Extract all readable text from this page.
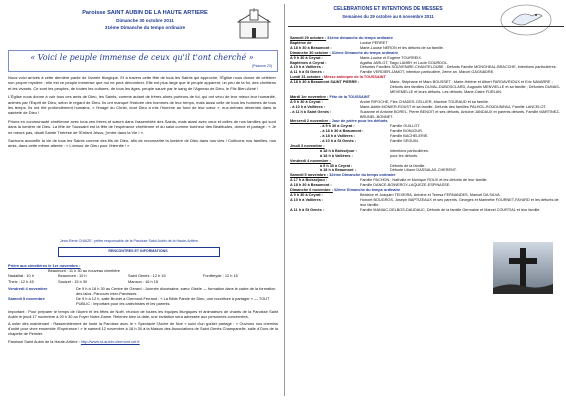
Paroisse SAINT AUBIN DE LA HAUTE ARTIERE
Dimanche 30 octobre 2011
31ème Dimanche du temps ordinaire
« Voici le peuple immense de ceux qu'il t'ont cherché »
(Psaume 23)

Nous voici arrivés à cette dernière partie de l'année liturgique. Et à travers cette fête de tous les Saints qui approche, l'Église nous donne de célébrer son propre mystère : elle est ce peuple immense que nul ne peut dénombrer. Elle est plus large que le peuple apparent, un peu de la foi, des chrétiens et les vivants. Ce sont les peuples, de toutes les cultures, de tous les âges, peuple sauvé par le sang de l'Agneau de Dieu, le Fils Bien-Aimé !

L'Église nous donne à voir tous ces amis de Dieu, les Saints, comme autant de frères aînés porteurs de foi, qui ont vécu de leur mieux leur humanité, animés par l'Esprit de Dieu, selon le regard de Dieu. Ils ont manqué l'histoire des hommes de leur temps, mais aussi celle de tous les hommes de tous les temps. Ils ont été profondément humains, « l'image du Christ, dont Dieu a mis l'homme au fond de leur cœur », eux-mêmes décernés dans la sainteté de Dieu !

Prions en communauté chrétienne avec tous ces frères et sœurs dans l'assemblée des Saints, mais aussi avec ceux et celles de nos familles qui sont dans la lumière de Dieu. La fête de Toussaint est la fête de l'espérance chrétienne et du salut comme bonheur des Béatitudes, donné et partagé : « Je ne meurs pas, disait Sainte Thérèse de l'Enfant Jésus, j'entre dans la Vie ! ».

Sachons accueillir la vie de tous les Saints comme des fils de Dieu, afin de reconnaître la lumière de Dieu dans nos vies ! Cultivons nos familles, nos amis, dans cette même attente : « L'amour de Dieu pour l'éternité ! »

Jean-René CHAIZE, prêtre responsable de la Paroisse Saint Aubin de la Haute-Artière.
RENCONTRES ET INFORMATIONS
Prière aux cimetières le 1er novembre :
Beaumont : 11 h 30 au nouveau cimetière
Nadaillat : 10 h	Beaumont : 10 h	Saint Genès : 12 h 15	Fontfreyde : 12 h 15
Theix : 12 h 45	Saulzet : 15 h 30	Manson : 16 h 15
Vendredi 4 novembre	De 9 h à 18 h 30 au Centre de Gérard : Journée diocésaine, sœur Gisèle — formation dans le cadre de la formation des laïcs. Parcours Inter-Paroisses.
Samedi 5 novembre	De 9 h à 12 h, salle Brunet à Clermont-Ferrand : « La Bible Parole de Dieu, une nourriture à partager » — TOUT PUBLIC : important pour les catéchistes et les parents.
Important : Pour préparer le temps de l'Avent et les fêtes de Noël, réunion de toutes les équipes liturgiques et animateurs de chants de la Paroisse Saint Aubin le jeudi 17 novembre à 20 h 30 au Foyer Notre-Dame. Retenez bien la date, une invitation sera adressée aux personnes concernées.
A noter dès maintenant : Rassemblement de toute la Paroisse avec le « Spectacle l'Arche de Noé » suivi d'un goûter partagé : « Ouvrons nos chemins d'unité pour vivre ensemble l'Espérance ! » le samedi 12 novembre à 18 h 30 à la Maison des Associations de Saint Genès Champanelle, salle d'Ours de la chapelle de Pensier.
Paroisse Saint Aubin de la Haute-Artière : http://www.st-aubin-clermont.cef.fr
CELEBRATIONS ET INTENTIONS DE MESSES
Semaines du 29 octobre au 6 novembre 2011
Samedi 29 octobre : 31ème dimanche du temps ordinaire
Baptême de	Louise PERRET
A 18 h 30 à Beaumont :	Marie-Louise NERON et les défunts de sa famille.
Dimanche 30 octobre : 31ème Dimanche du temps ordinaire
A 9 h 30 à Ceyrat :	Marie-Louise et Eugène TOURREIX.
Baptêmes à Ceyrat :	Agatha JARLOT, Tiago LAMBY et Lucie GOURDOL.
A 10 h à Vallières :	Défuntes Familles SOUVENIRE-CHANTELOUBE ; Défunts Famille MONGHEAL-BRACCHE, intentions particulières.
A 11 h à St Genès :	Famille VERDIER-JAMOT, intention particulière, 2ème an. Marcel GAGNADRE.
Lundi 31 octobre : Messe anticipée de la TOUSSAINT
A 18 h 30 à Beaumont SAINT PIERRE :	Marie, Stéphane et Marc BOUSSET ; Marie-Hélène et Albert FARGAVRIOUX et Eric NAVARRE ; Défunts des familles DUVAL-DUBOSCLARD, Augustin MENVIELLE et sa famille ; Défuntes DUMAS-MEVEMELLE et leurs défunts. Les défunts, Marie-Claire FURLAN.
Mardi 1er novembre : Fête de la TOUSSAINT
A 9 h 30 à Ceyrat :	André RIFOCHE, Fles CHADES-CELLIER, Maxime TOURAUD et sa famille.
- à 10 h à Vallières :	Marie-Adèle MONIER-ROUST et sa famille. Défunts des familles PALHOL-ROUDUNEAU, Famille LANCELOT.
- à 11 h à Saint Genès :	Suzanne et Antoine BOREL, Pierre BENOIT et ses défunts, Antoine JANDAUX et parents défunts, Famille MARTINEZ-BRUNEL-BONNET.
Mercredi 2 novembre : Jour de prière pour les défunts
- à 9 h 30 à Ceyrat :	Famille GUILLOT.
- à 18 h 30 à Beaumont :	Famille BONJOUR.
- à 18 h à Vallières :	Famille BACHELERIE.
- à 10 h à St Genès :	Famille SEGUIN.
Jeudi 3 novembre :
à 18 h à Boisséjour :	intentions particulières.
à 18 h à Vallières :	pour les défunts.
Vendredi 4 novembre :
à 9 h 30 à Ceyrat :	Défunts de la famille.
à 18 h à Beaumont :	Défunte Liliane DASSALAS-CHERENT.
Samedi 5 novembre : 32ème Dimanche du temps ordinaire
A 17 h à Boisséjour :	Famille PACHON ; Nathalie et Monique ROUX et les défunts de leur famille.
A 18 h 30 à Beaumont :	Famille DANCE-BOINEROY-LAQUEZE-ESPINASSE.
Dimanche 6 novembre : 32ème Dimanche du temps ordinaire
A 9 h 30 à Ceyrat :	Béatrice et Joaquim TEIXEIRA, Antoine et Teresa FERNANDES, Manuel DA SILVA.
A 10 h à Vallières :	Honoré BOUGROS, Joseph BAPTIZEAUX et ses parents, Georges et Marinette FOURNET-FAYARD et les défunts de leur famille.
A 11 h à St Genès :	Famille MANIAC-DELBOS-DAUDAUC, Défunts de la famille Germaine et Marcel COURTIAL et leur famille.
